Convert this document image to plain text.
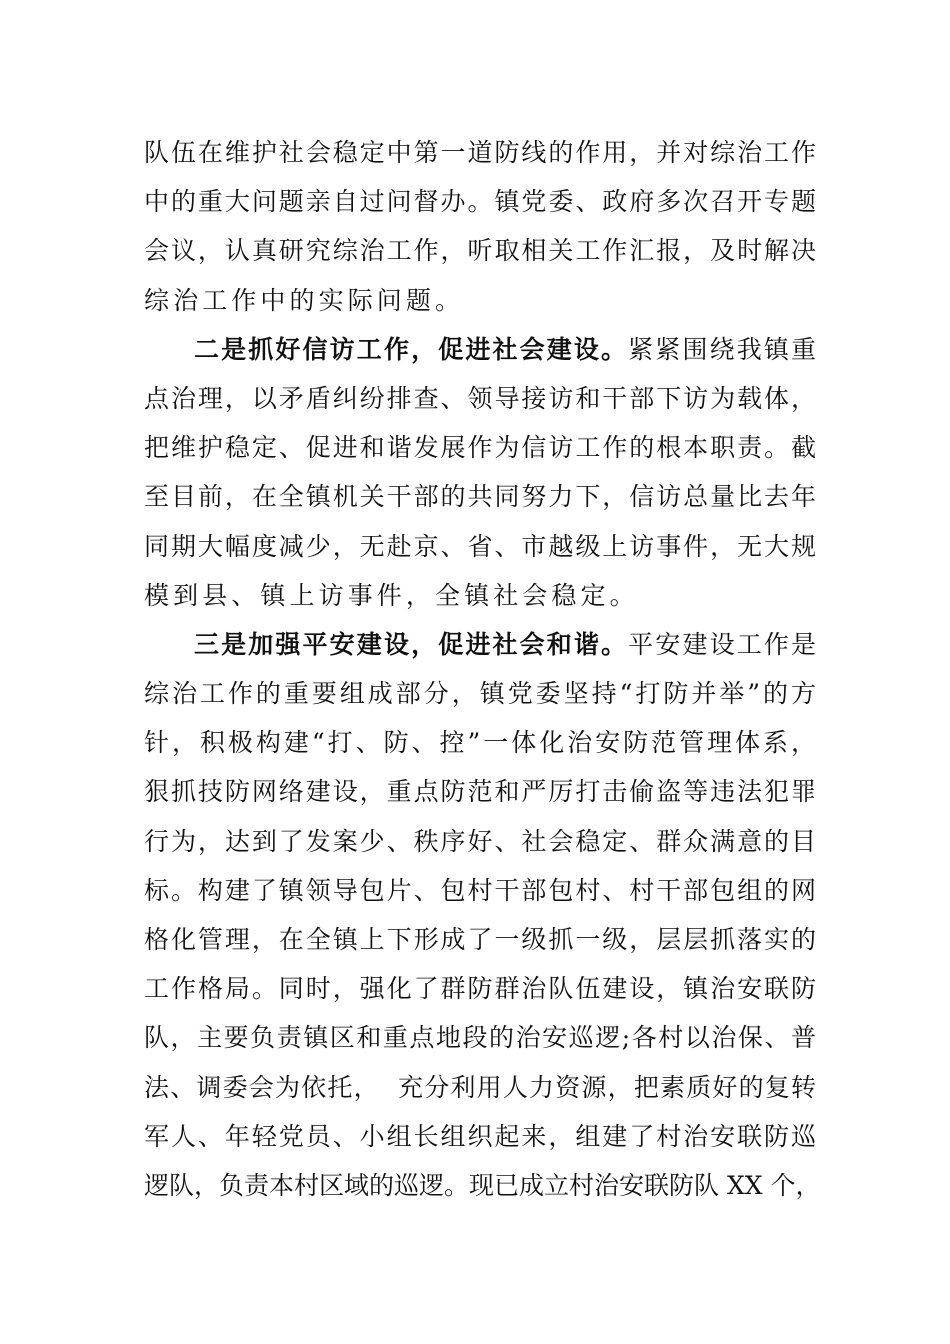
队伍在维护社会稳定中第一道防线的作用，并对综治工作
中的重大问题亲自过问督办。镇党委、政府多次召开专题
会议，认真研究综治工作，听取相关工作汇报，及时解决
综治工作中的实际问题。
二是抓好信访工作，促进社会建设。紧紧围绕我镇重
点治理，以矛盾纠纷排查、领导接访和干部下访为载体，
把维护稳定、促进和谐发展作为信访工作的根本职责。截
至目前，在全镇机关干部的共同努力下，信访总量比去年
同期大幅度减少，无赴京、省、市越级上访事件，无大规
模到县、镇上访事件，全镇社会稳定。
三是加强平安建设，促进社会和谐。平安建设工作是
综治工作的重要组成部分，镇党委坚持“打防并举”的方
针，积极构建“打、防、控”一体化治安防范管理体系，
狠抓技防网络建设，重点防范和严厉打击偷盗等违法犯罪
行为，达到了发案少、秩序好、社会稳定、群众满意的目
标。构建了镇领导包片、包村干部包村、村干部包组的网
格化管理，在全镇上下形成了一级抓一级，层层抓落实的
工作格局。同时，强化了群防群治队伍建设，镇治安联防
队，主要负责镇区和重点地段的治安巡逻;各村以治保、普
法、调委会为依托，  充分利用人力资源，把素质好的复转
军人、年轻党员、小组长组织起来，组建了村治安联防巡
逻队，负责本村区域的巡逻。现已成立村治安联防队 XX 个，
